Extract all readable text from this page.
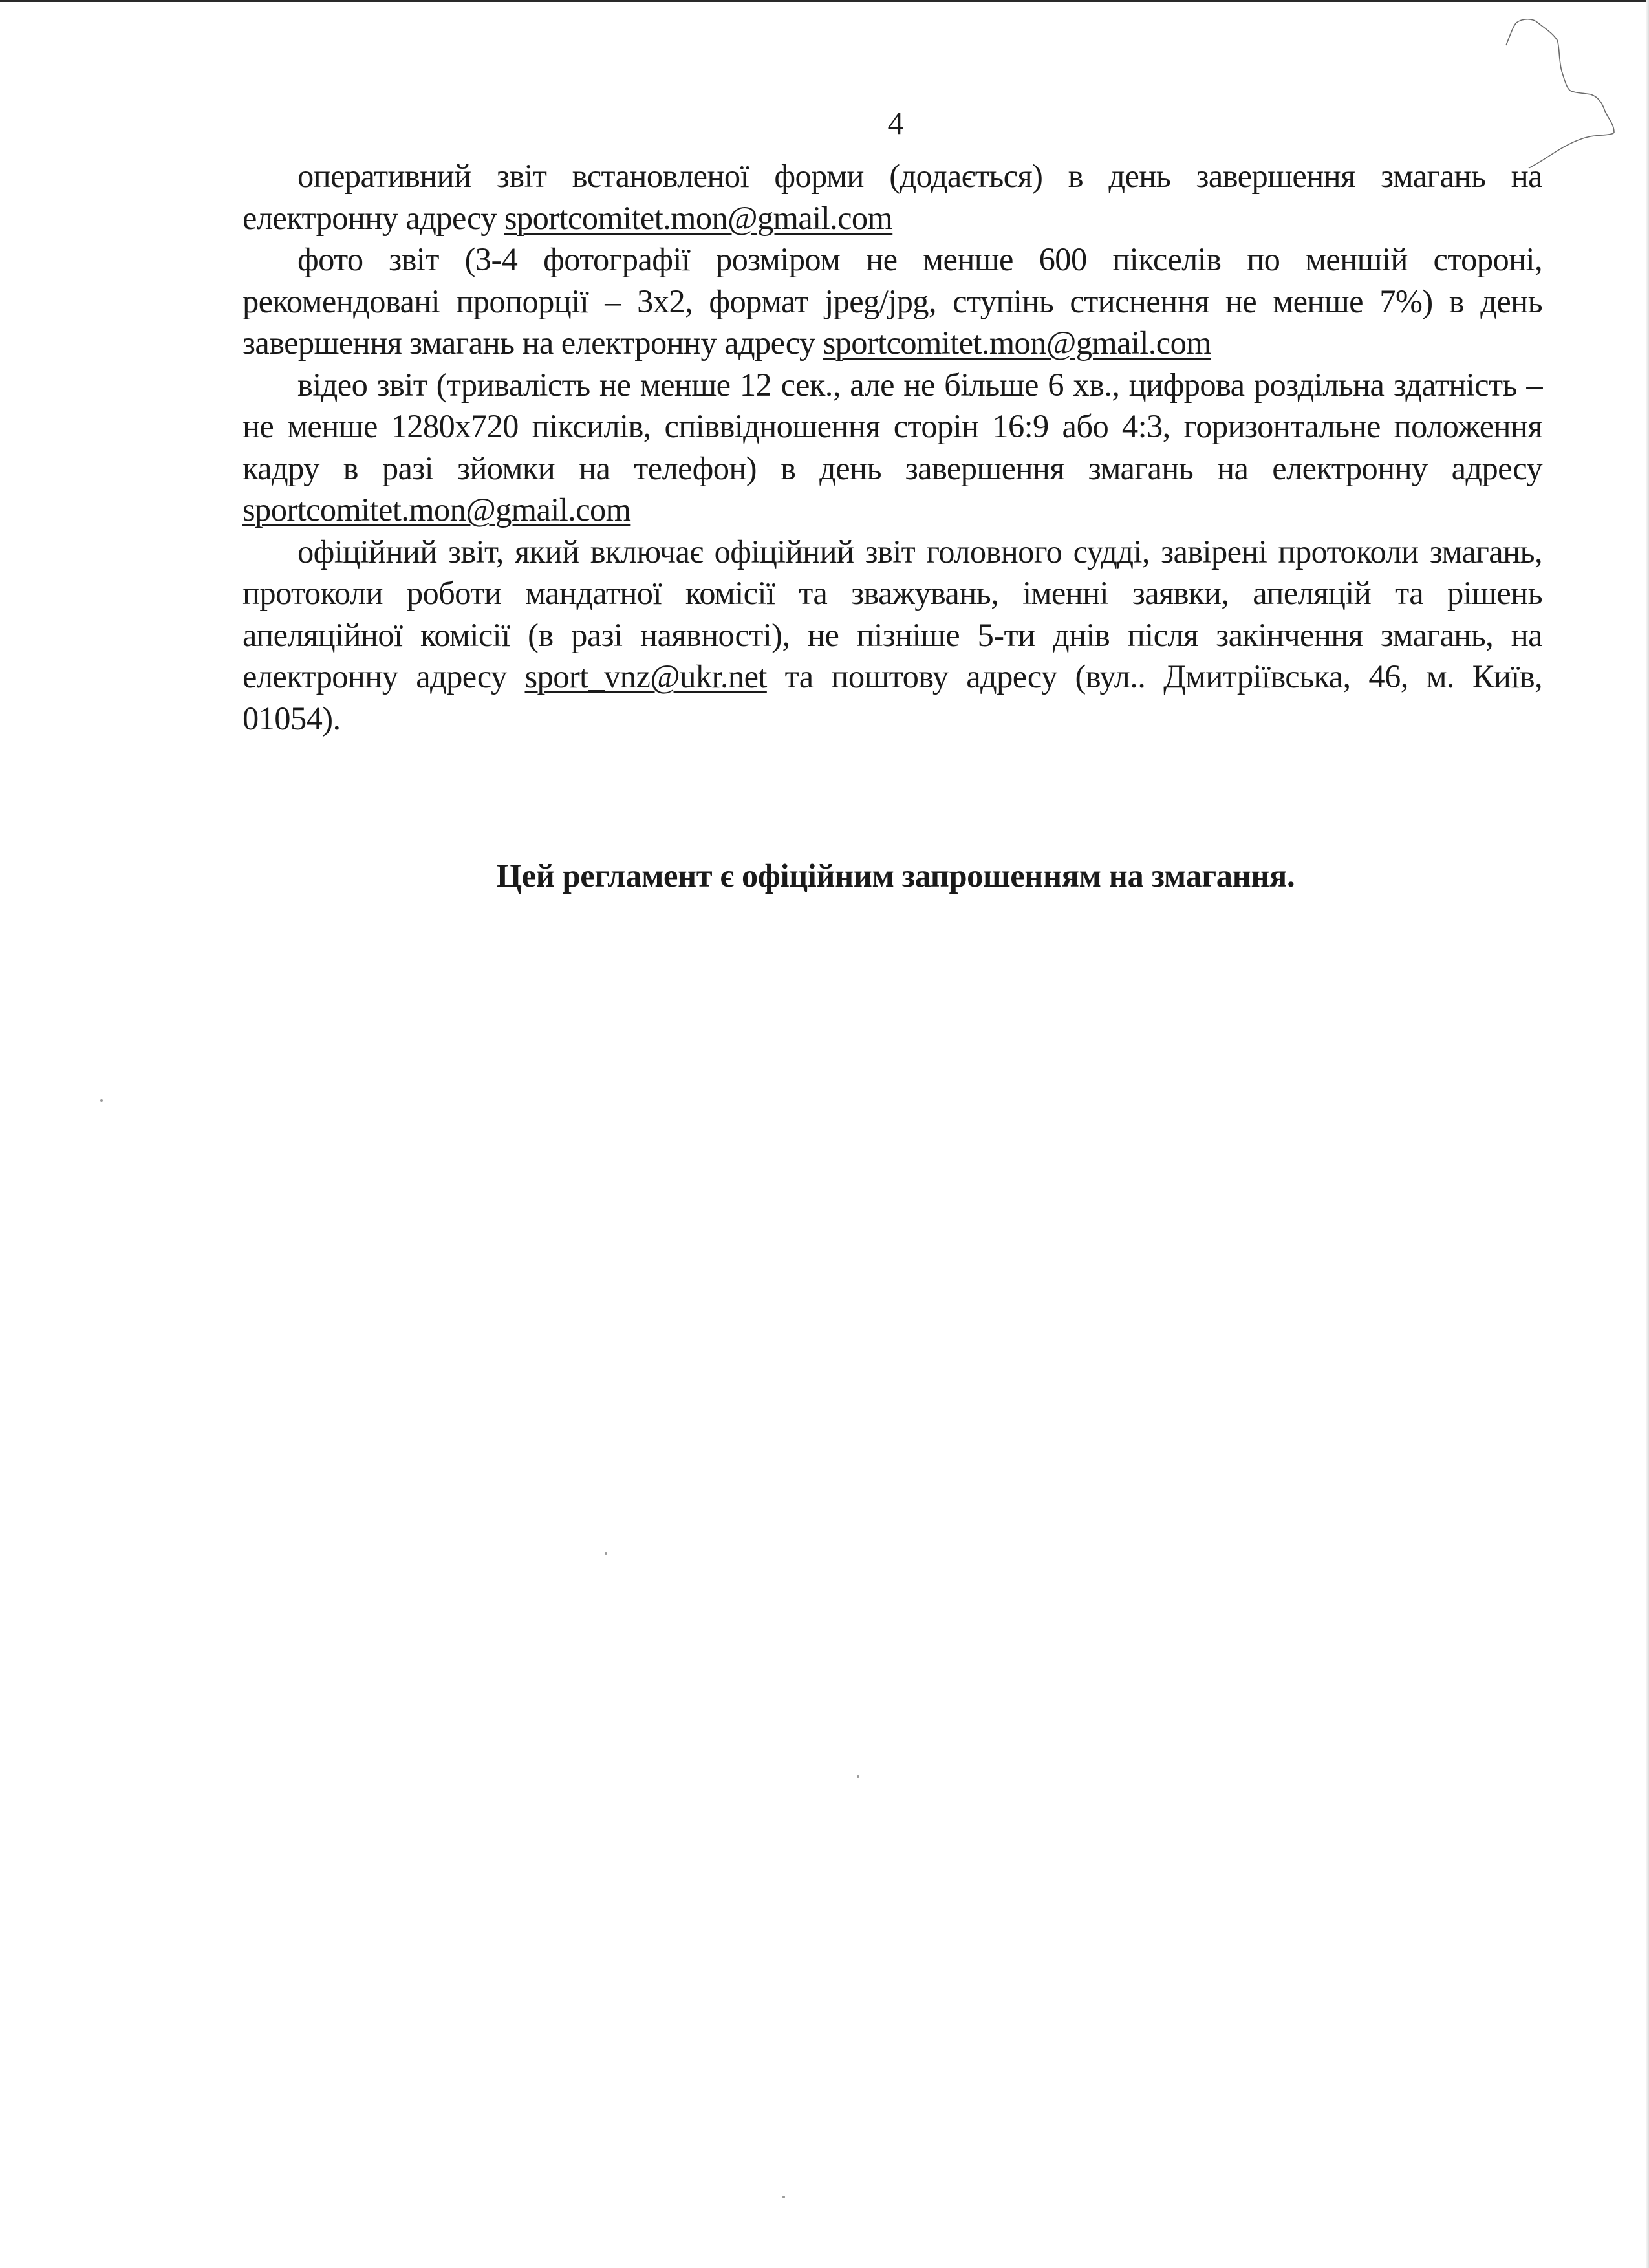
4

оперативний звіт встановленої форми (додається) в день завершення змагань на електронну адресу sportcomitet.mon@gmail.com

фото звіт (3-4 фотографії розміром не менше 600 пікселів по меншій стороні, рекомендовані пропорції – 3х2, формат jpeg/jpg, ступінь стиснення не менше 7%) в день завершення змагань на електронну адресу sportcomitet.mon@gmail.com

відео звіт (тривалість не менше 12 сек., але не більше 6 хв., цифрова роздільна здатність – не менше 1280х720 піксилів, співвідношення сторін 16:9 або 4:3, горизонтальне положення кадру в разі зйомки на телефон) в день завершення змагань на електронну адресу sportcomitet.mon@gmail.com

офіційний звіт, який включає офіційний звіт головного судді, завірені протоколи змагань, протоколи роботи мандатної комісії та зважувань, іменні заявки, апеляцій та рішень апеляційної комісії (в разі наявності), не пізніше 5-ти днів після закінчення змагань, на електронну адресу sport_vnz@ukr.net та поштову адресу (вул.. Дмитріївська, 46, м. Київ, 01054).

Цей регламент є офіційним запрошенням на змагання.
